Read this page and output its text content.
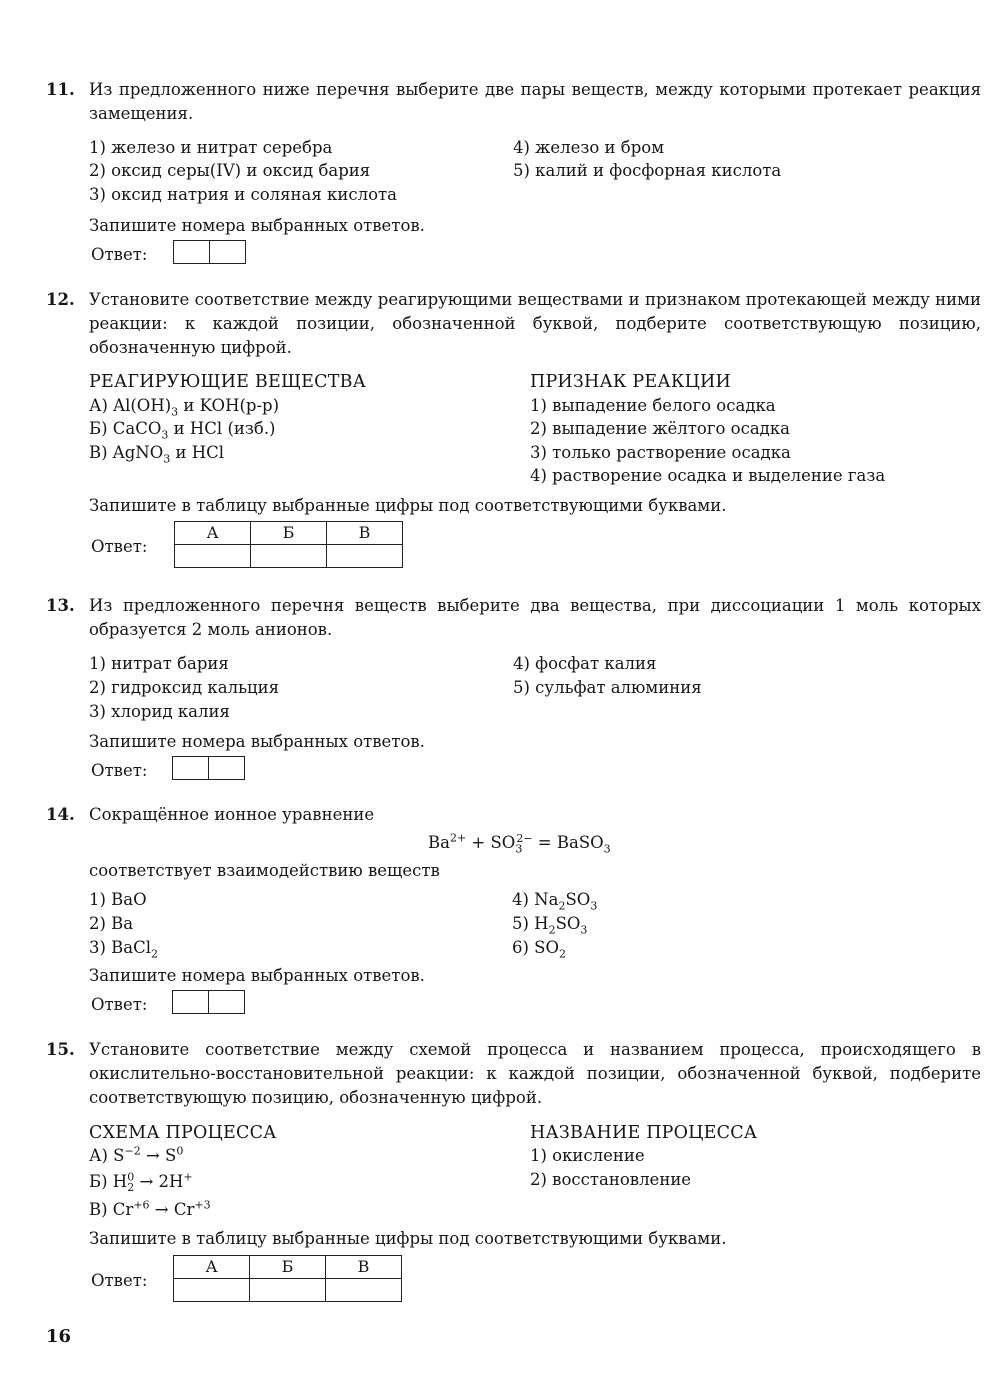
11. Из предложенного ниже перечня выберите две пары веществ, между которыми протекает реакция замещения.
1) железо и нитрат серебра
2) оксид серы(IV) и оксид бария
3) оксид натрия и соляная кислота
4) железо и бром
5) калий и фосфорная кислота
Запишите номера выбранных ответов.
Ответ:
12. Установите соответствие между реагирующими веществами и признаком протекающей между ними реакции: к каждой позиции, обозначенной буквой, подберите соответствующую позицию, обозначенную цифрой.
РЕАГИРУЮЩИЕ ВЕЩЕСТВА	ПРИЗНАК РЕАКЦИИ
А) $Al(OH)_3$ и KOH(р-р)
Б) CaCO$_3$ и HCl (изб.)
В) AgNO$_3$ и HCl
1) выпадение белого осадка
2) выпадение жёлтого осадка
3) только растворение осадка
4) растворение осадка и выделение газа
Запишите в таблицу выбранные цифры под соответствующими буквами.
Ответ:
А	Б	В

13. Из предложенного перечня веществ выберите два вещества, при диссоциации 1 моль которых образуется 2 моль анионов.
1) нитрат бария
2) гидроксид кальция
3) хлорид калия
4) фосфат калия
5) сульфат алюминия
Запишите номера выбранных ответов.
Ответ:
14. Сокращённое ионное уравнение
$Ba^{2+} + SO_3^{2-}$ = BaSO$_3$
соответствует взаимодействию веществ
1) BaO
2) Ba
3) BaCl$_2$
4) $Na_2SO_3$
5) $H_2SO_3$
6) $SO_2$
Запишите номера выбранных ответов.
Ответ:
15. Установите соответствие между схемой процесса и названием процесса, происходящего в окислительно-восстановительной реакции: к каждой позиции, обозначенной буквой, подберите соответствующую позицию, обозначенную цифрой.
СХЕМА ПРОЦЕССА	НАЗВАНИЕ ПРОЦЕССА
А) $S^{-2} \to S^0$
Б) $H^0_2 \to 2H^+$
В) $Cr^{+6} \to Cr^{+3}$
1) окисление
2) восстановление
Запишите в таблицу выбранные цифры под соответствующими буквами.
Ответ:
А	Б	В

16
